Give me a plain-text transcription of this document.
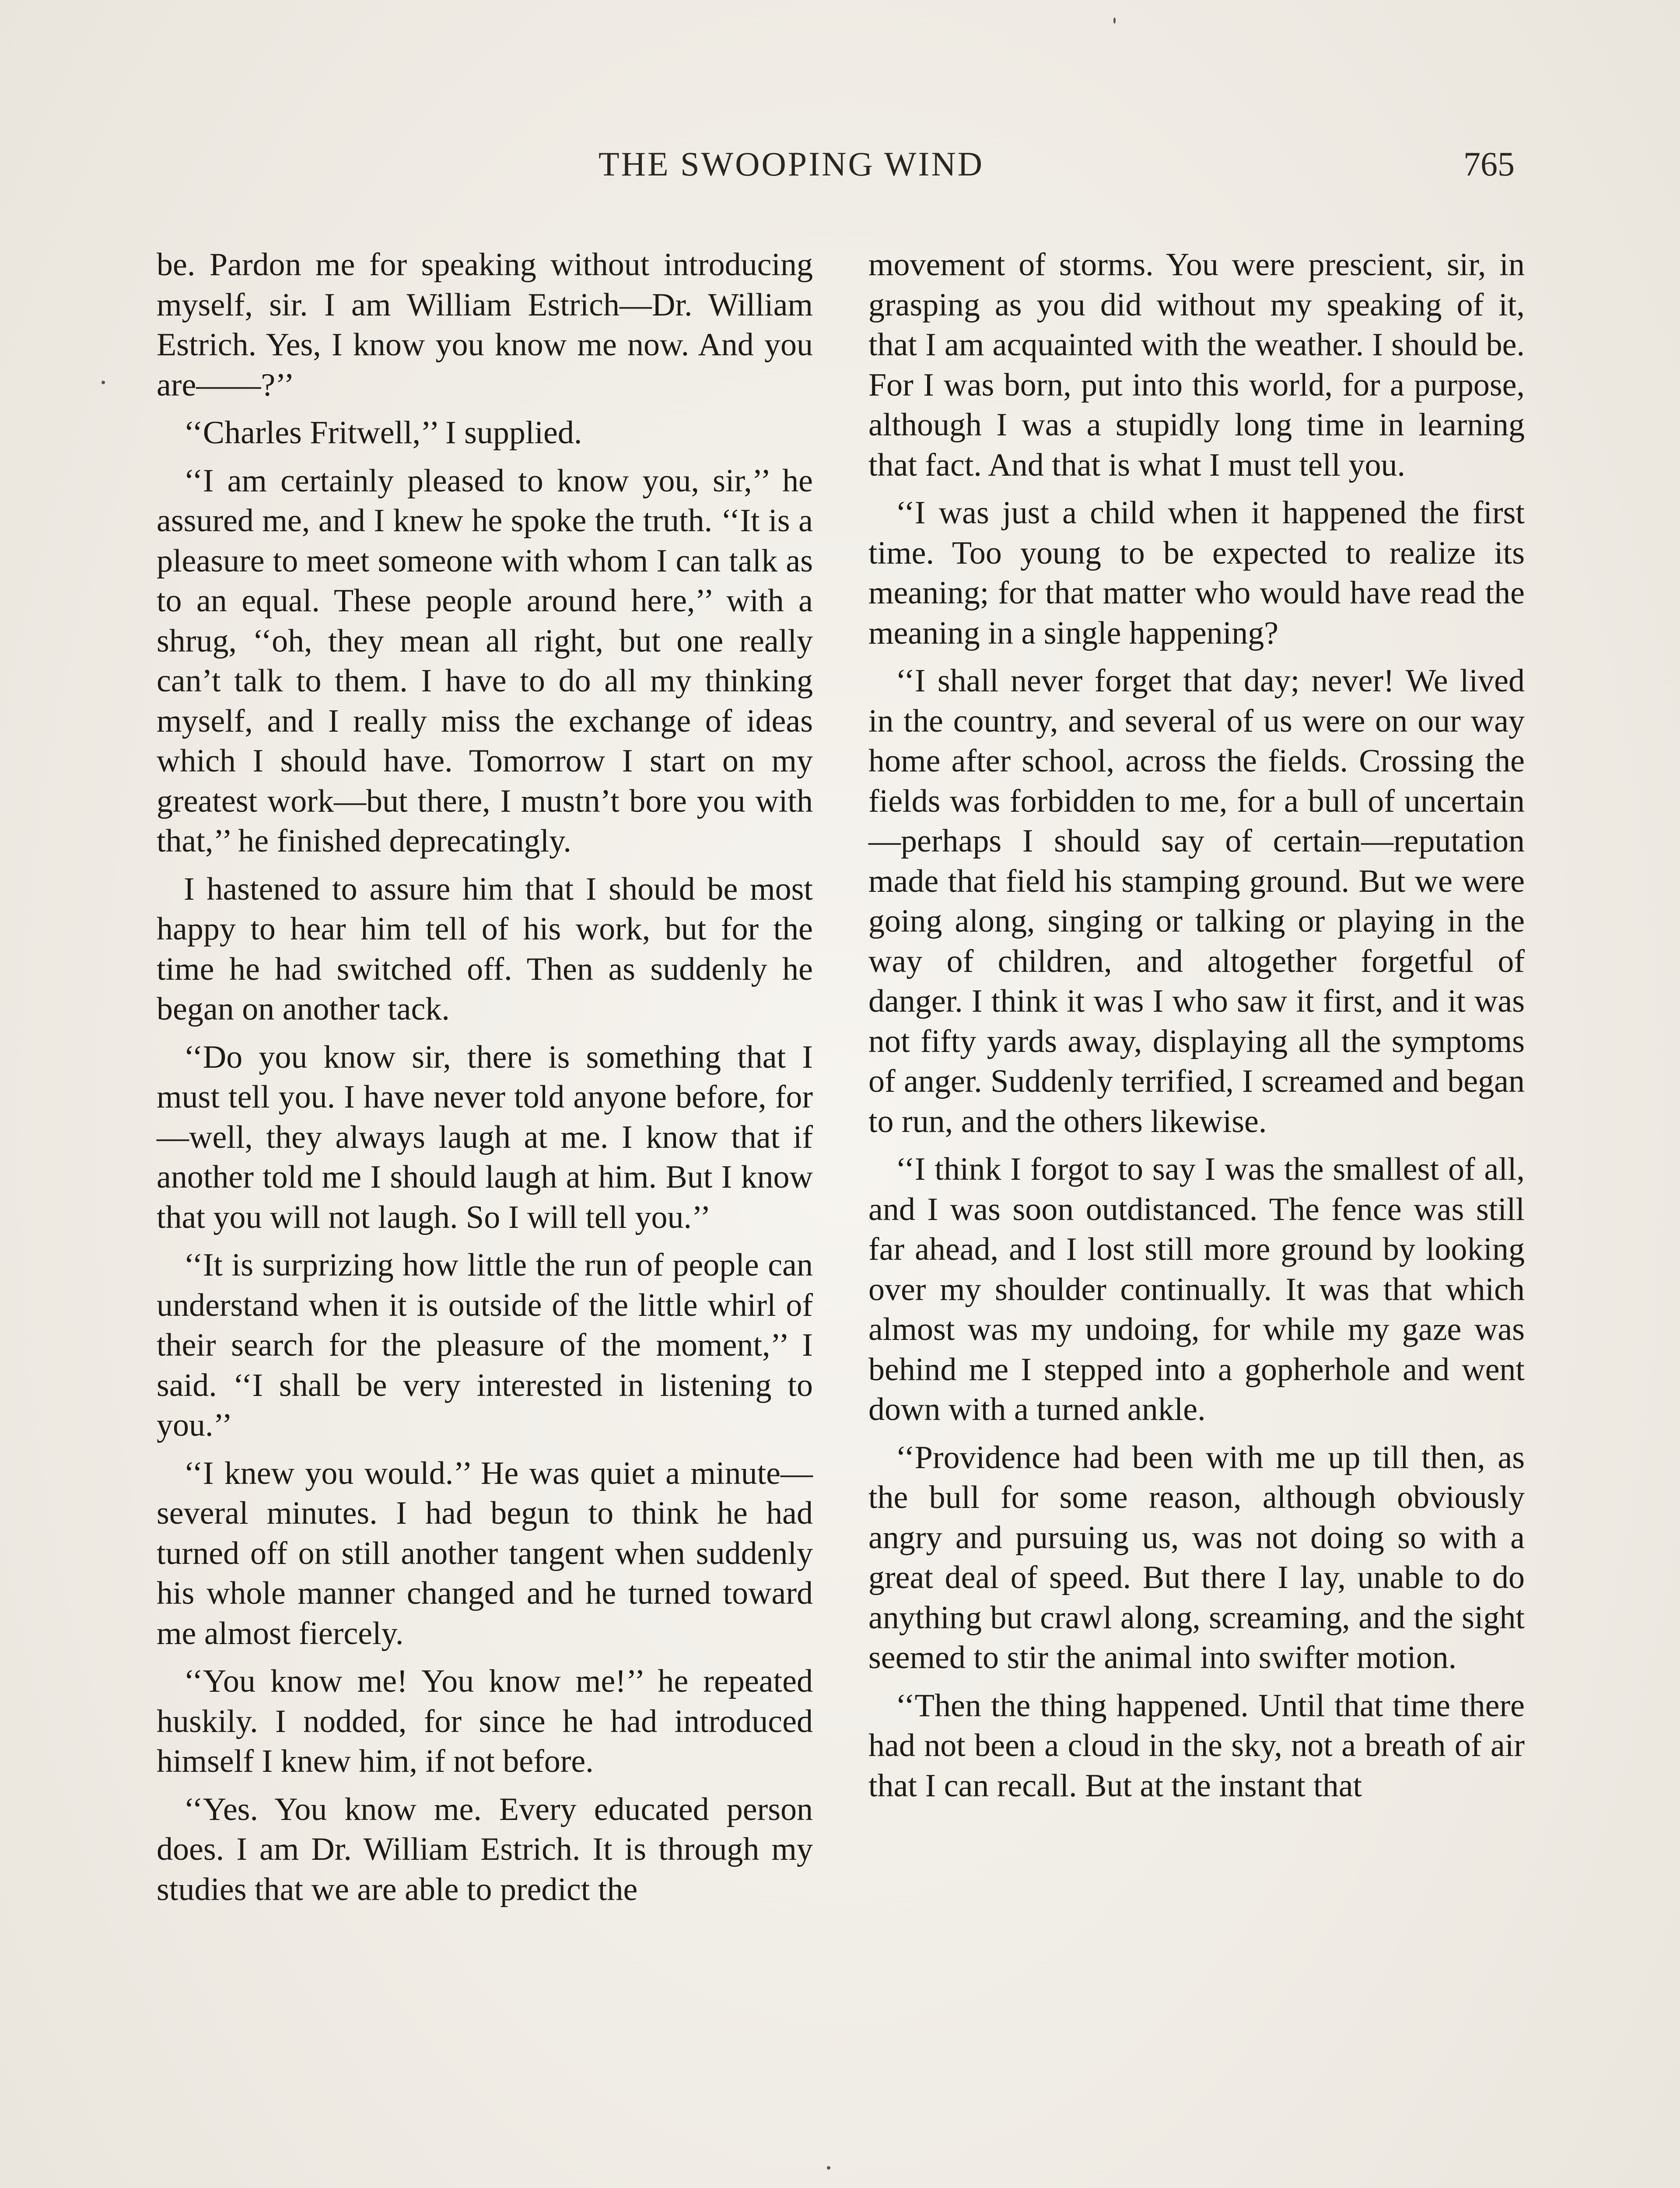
THE SWOOPING WIND	765

be. Pardon me for speaking without introducing myself, sir. I am William Estrich—Dr. William Estrich. Yes, I know you know me now. And you are——?’’

‘‘Charles Fritwell,’’ I supplied.

‘‘I am certainly pleased to know you, sir,’’ he assured me, and I knew he spoke the truth. ‘‘It is a pleasure to meet someone with whom I can talk as to an equal. These people around here,’’ with a shrug, ‘‘oh, they mean all right, but one really can’t talk to them. I have to do all my thinking myself, and I really miss the exchange of ideas which I should have. Tomorrow I start on my greatest work—but there, I mustn’t bore you with that,’’ he finished deprecatingly.

I hastened to assure him that I should be most happy to hear him tell of his work, but for the time he had switched off. Then as suddenly he began on another tack.

‘‘Do you know sir, there is something that I must tell you. I have never told anyone before, for—well, they always laugh at me. I know that if another told me I should laugh at him. But I know that you will not laugh. So I will tell you.’’

‘‘It is surprizing how little the run of people can understand when it is outside of the little whirl of their search for the pleasure of the moment,’’ I said. ‘‘I shall be very interested in listening to you.’’

‘‘I knew you would.’’ He was quiet a minute—several minutes. I had begun to think he had turned off on still another tangent when suddenly his whole manner changed and he turned toward me almost fiercely.

‘‘You know me! You know me!’’ he repeated huskily. I nodded, for since he had introduced himself I knew him, if not before.

‘‘Yes. You know me. Every educated person does. I am Dr. William Estrich. It is through my studies that we are able to predict the

movement of storms. You were prescient, sir, in grasping as you did without my speaking of it, that I am acquainted with the weather. I should be. For I was born, put into this world, for a purpose, although I was a stupidly long time in learning that fact. And that is what I must tell you.

‘‘I was just a child when it happened the first time. Too young to be expected to realize its meaning; for that matter who would have read the meaning in a single happening?

‘‘I shall never forget that day; never! We lived in the country, and several of us were on our way home after school, across the fields. Crossing the fields was forbidden to me, for a bull of uncertain—perhaps I should say of certain—reputation made that field his stamping ground. But we were going along, singing or talking or playing in the way of children, and altogether forgetful of danger. I think it was I who saw it first, and it was not fifty yards away, displaying all the symptoms of anger. Suddenly terrified, I screamed and began to run, and the others likewise.

‘‘I think I forgot to say I was the smallest of all, and I was soon outdistanced. The fence was still far ahead, and I lost still more ground by looking over my shoulder continually. It was that which almost was my undoing, for while my gaze was behind me I stepped into a gopherhole and went down with a turned ankle.

‘‘Providence had been with me up till then, as the bull for some reason, although obviously angry and pursuing us, was not doing so with a great deal of speed. But there I lay, unable to do anything but crawl along, screaming, and the sight seemed to stir the animal into swifter motion.

‘‘Then the thing happened. Until that time there had not been a cloud in the sky, not a breath of air that I can recall. But at the instant that
